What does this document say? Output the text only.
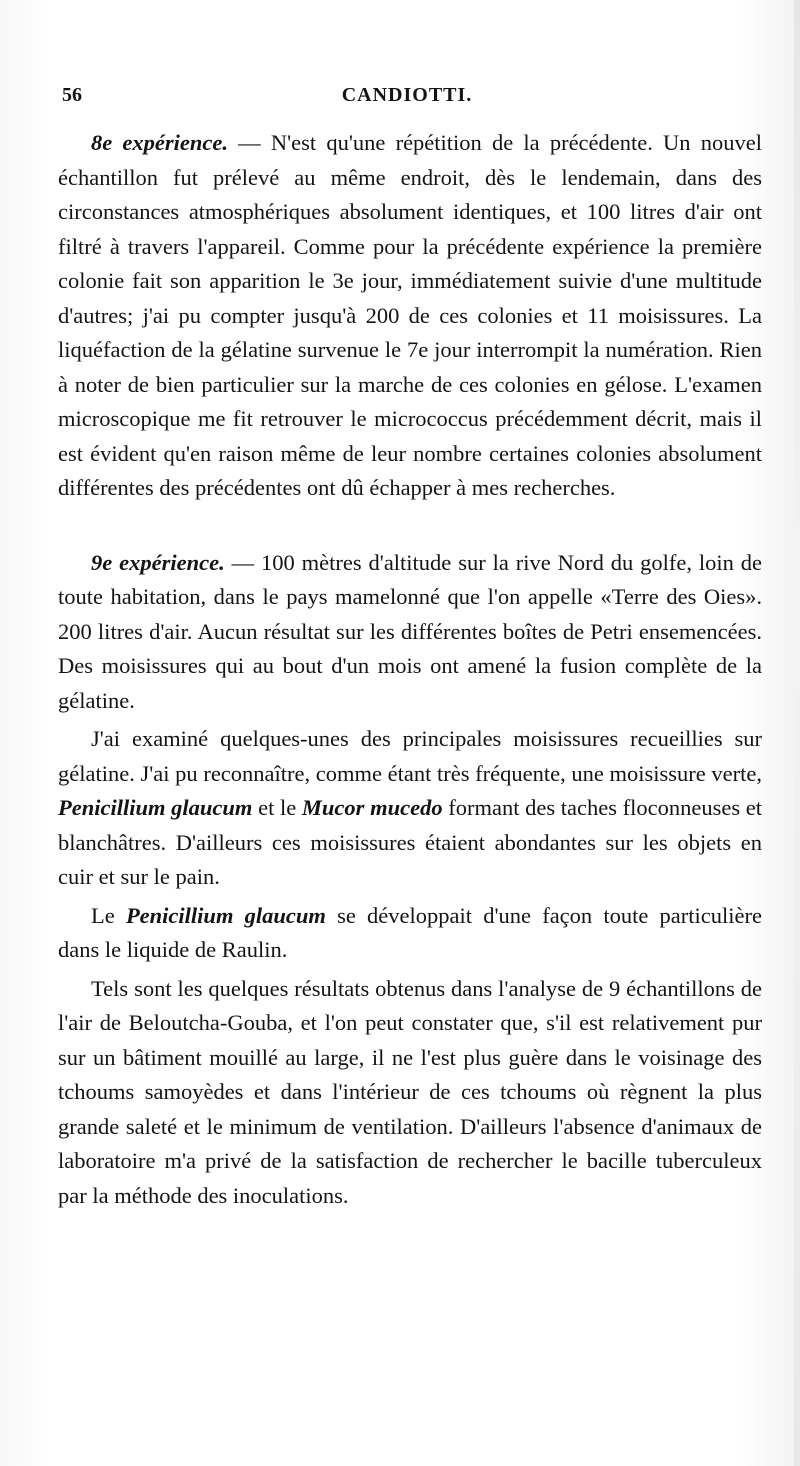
56	CANDIOTTI.

8e expérience. — N'est qu'une répétition de la précédente. Un nouvel échantillon fut prélevé au même endroit, dès le lendemain, dans des circonstances atmosphériques absolument identiques, et 100 litres d'air ont filtré à travers l'appareil. Comme pour la précédente expérience la première colonie fait son apparition le 3e jour, immédiatement suivie d'une multitude d'autres; j'ai pu compter jusqu'à 200 de ces colonies et 11 moisissures. La liquéfaction de la gélatine survenue le 7e jour interrompit la numération. Rien à noter de bien particulier sur la marche de ces colonies en gélose. L'examen microscopique me fit retrouver le micrococcus précédemment décrit, mais il est évident qu'en raison même de leur nombre certaines colonies absolument différentes des précédentes ont dû échapper à mes recherches.

9e expérience. — 100 mètres d'altitude sur la rive Nord du golfe, loin de toute habitation, dans le pays mamelonné que l'on appelle «Terre des Oies». 200 litres d'air. Aucun résultat sur les différentes boîtes de Petri ensemencées. Des moisissures qui au bout d'un mois ont amené la fusion complète de la gélatine.

J'ai examiné quelques-unes des principales moisissures recueillies sur gélatine. J'ai pu reconnaître, comme étant très fréquente, une moisissure verte, Penicillium glaucum et le Mucor mucedo formant des taches floconneuses et blanchâtres. D'ailleurs ces moisissures étaient abondantes sur les objets en cuir et sur le pain.

Le Penicillium glaucum se développait d'une façon toute particulière dans le liquide de Raulin.

Tels sont les quelques résultats obtenus dans l'analyse de 9 échantillons de l'air de Beloutcha-Gouba, et l'on peut constater que, s'il est relativement pur sur un bâtiment mouillé au large, il ne l'est plus guère dans le voisinage des tchoums samoyèdes et dans l'intérieur de ces tchoums où règnent la plus grande saleté et le minimum de ventilation. D'ailleurs l'absence d'animaux de laboratoire m'a privé de la satisfaction de rechercher le bacille tuberculeux par la méthode des inoculations.
